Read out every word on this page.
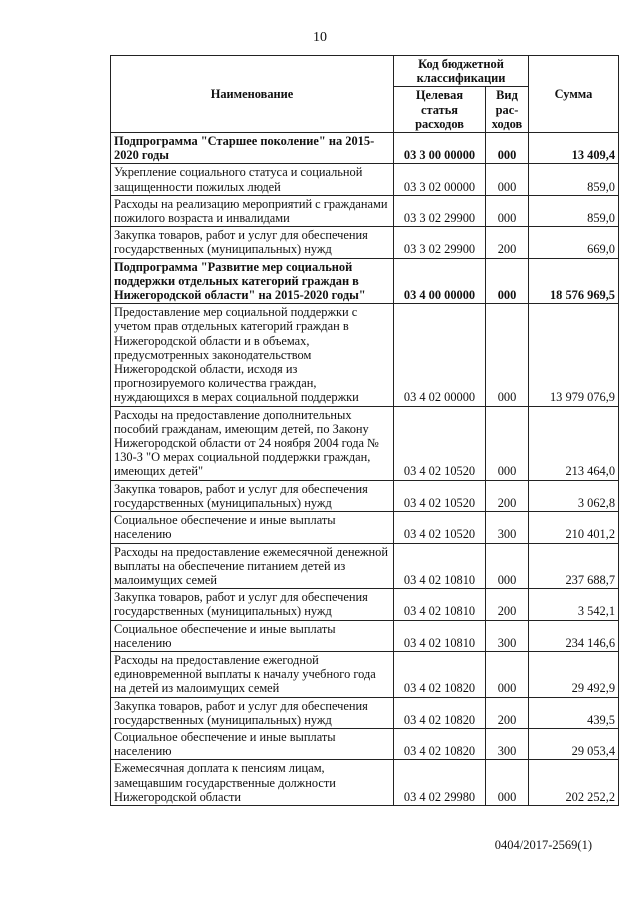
10
Наименование	Код бюджетной классификации		Сумма
	Целевая статья расходов	Вид рас-ходов	
Подпрограмма "Старшее поколение" на 2015-2020 годы	03 3 00 00000	000	13 409,4
Укрепление социального статуса и социальной защищенности пожилых людей	03 3 02 00000	000	859,0
Расходы на реализацию мероприятий с гражданами пожилого возраста и инвалидами	03 3 02 29900	000	859,0
Закупка товаров, работ и услуг для обеспечения государственных (муниципальных) нужд	03 3 02 29900	200	669,0
Подпрограмма "Развитие мер социальной поддержки отдельных категорий граждан в Нижегородской области" на 2015-2020 годы"	03 4 00 00000	000	18 576 969,5
Предоставление мер социальной поддержки с учетом прав отдельных категорий граждан в Нижегородской области и в объемах, предусмотренных законодательством Нижегородской области, исходя из прогнозируемого количества граждан, нуждающихся в мерах социальной поддержки	03 4 02 00000	000	13 979 076,9
Расходы на предоставление дополнительных пособий гражданам, имеющим детей, по Закону Нижегородской области от 24 ноября 2004 года № 130-З "О мерах социальной поддержки граждан, имеющих детей"	03 4 02 10520	000	213 464,0
Закупка товаров, работ и услуг для обеспечения государственных (муниципальных) нужд	03 4 02 10520	200	3 062,8
Социальное обеспечение и иные выплаты населению	03 4 02 10520	300	210 401,2
Расходы на предоставление ежемесячной денежной выплаты на обеспечение питанием детей из малоимущих семей	03 4 02 10810	000	237 688,7
Закупка товаров, работ и услуг для обеспечения государственных (муниципальных) нужд	03 4 02 10810	200	3 542,1
Социальное обеспечение и иные выплаты населению	03 4 02 10810	300	234 146,6
Расходы на предоставление ежегодной единовременной выплаты к началу учебного года на детей из малоимущих семей	03 4 02 10820	000	29 492,9
Закупка товаров, работ и услуг для обеспечения государственных (муниципальных) нужд	03 4 02 10820	200	439,5
Социальное обеспечение и иные выплаты населению	03 4 02 10820	300	29 053,4
Ежемесячная доплата к пенсиям лицам, замещавшим государственные должности Нижегородской области	03 4 02 29980	000	202 252,2
0404/2017-2569(1)
